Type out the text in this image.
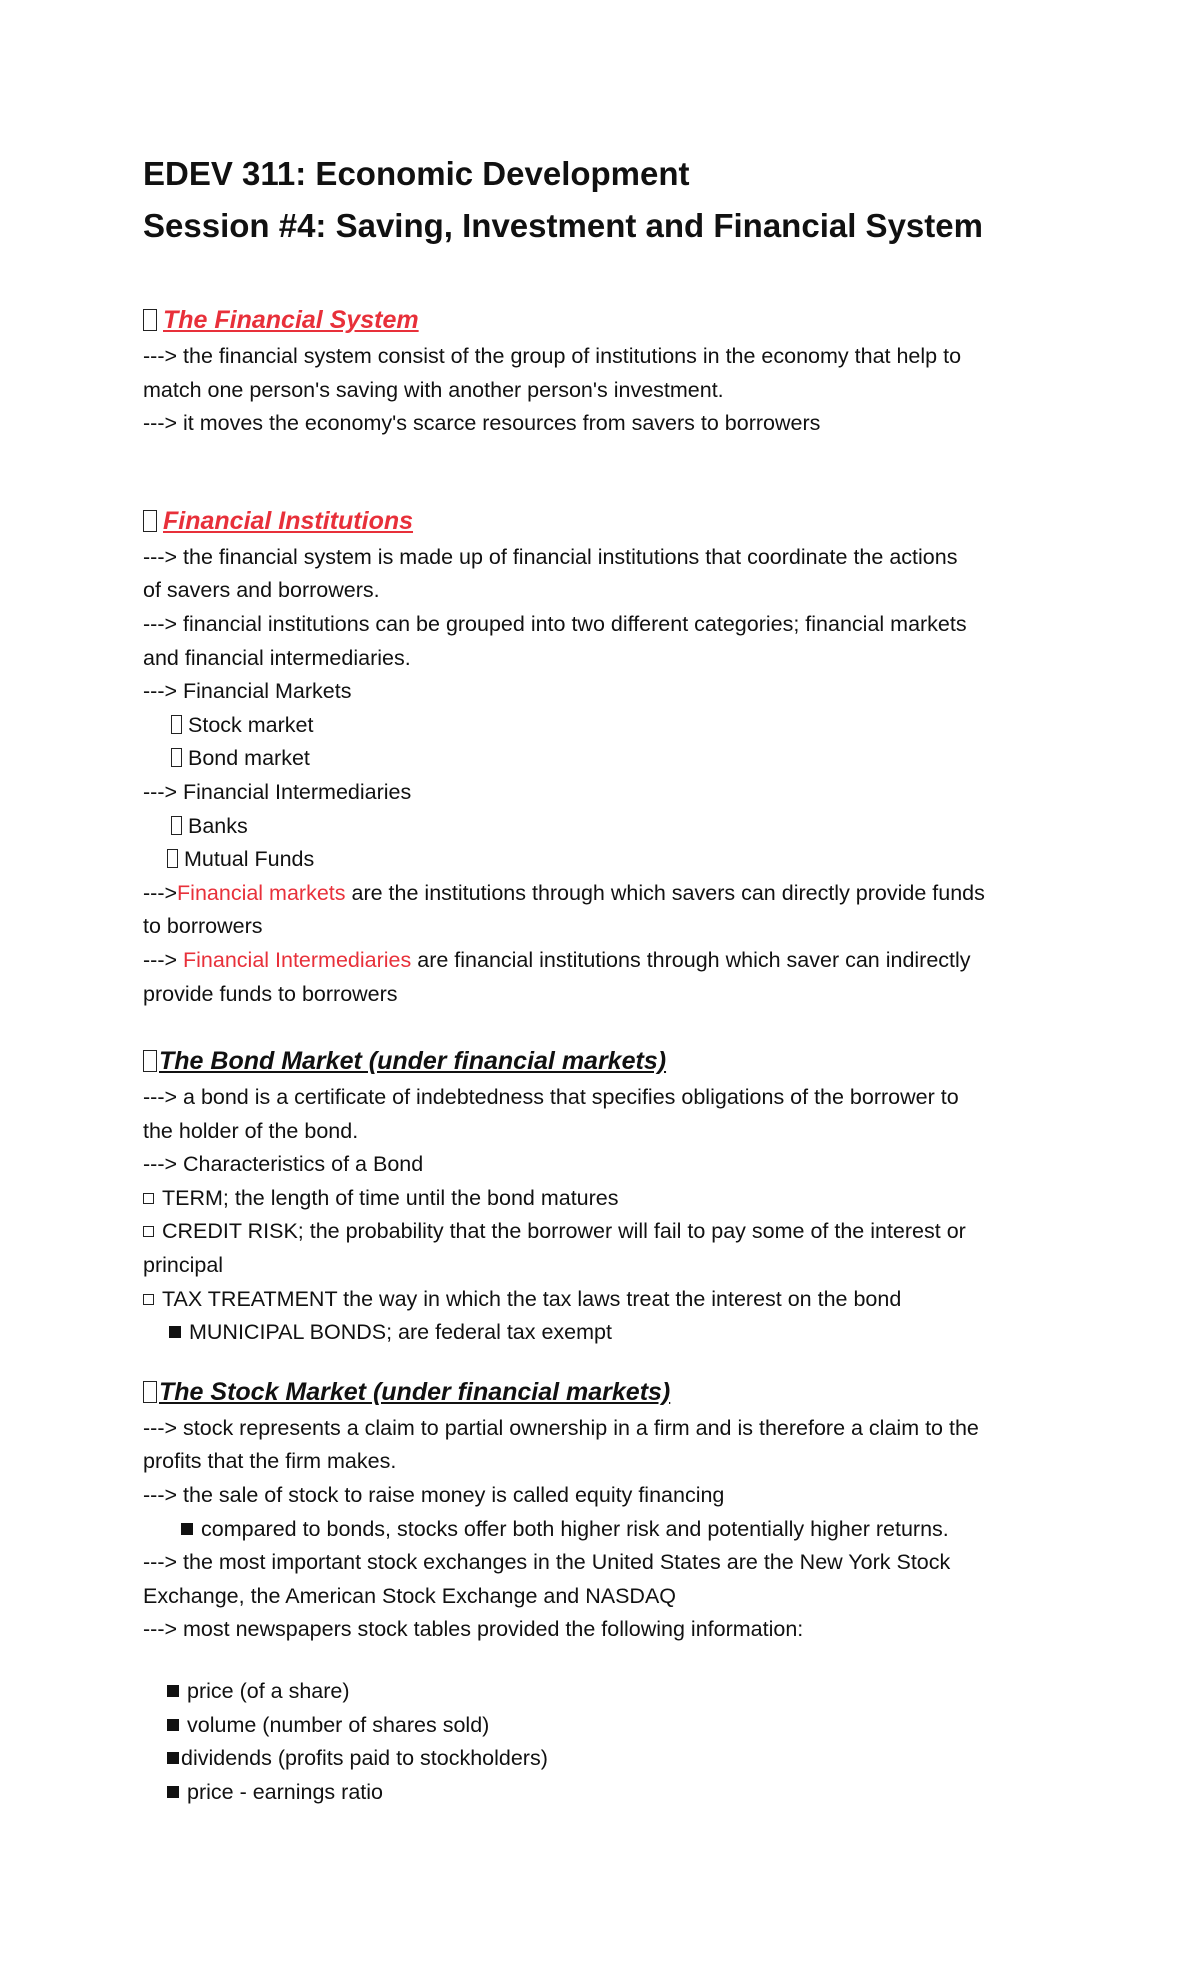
EDEV 311: Economic Development

Session #4: Saving, Investment and Financial System

The Financial System

---> the financial system consist of the group of institutions in the economy that help to

match one person's saving with another person's investment.

---> it moves the economy's scarce resources from savers to borrowers

Financial Institutions

---> the financial system is made up of financial institutions that coordinate the actions

of savers and borrowers.

---> financial institutions can be grouped into two different categories; financial markets

and financial intermediaries.

---> Financial Markets

Stock market

Bond market

---> Financial Intermediaries

Banks

Mutual Funds

--->Financial markets are the institutions through which savers can directly provide funds

to borrowers

---> Financial Intermediaries are financial institutions through which saver can indirectly

provide funds to borrowers

The Bond Market (under financial markets)

---> a bond is a certificate of indebtedness that specifies obligations of the borrower to

the holder of the bond.

---> Characteristics of a Bond

TERM; the length of time until the bond matures

CREDIT RISK; the probability that the borrower will fail to pay some of the interest or

principal

TAX TREATMENT the way in which the tax laws treat the interest on the bond

MUNICIPAL BONDS; are federal tax exempt

The Stock Market (under financial markets)

---> stock represents a claim to partial ownership in a firm and is therefore a claim to the

profits that the firm makes.

---> the sale of stock to raise money is called equity financing

compared to bonds, stocks offer both higher risk and potentially higher returns.

---> the most important stock exchanges in the United States are the New York Stock

Exchange, the American Stock Exchange and NASDAQ

---> most newspapers stock tables provided the following information:

price (of a share)

volume (number of shares sold)

dividends (profits paid to stockholders)

price - earnings ratio
